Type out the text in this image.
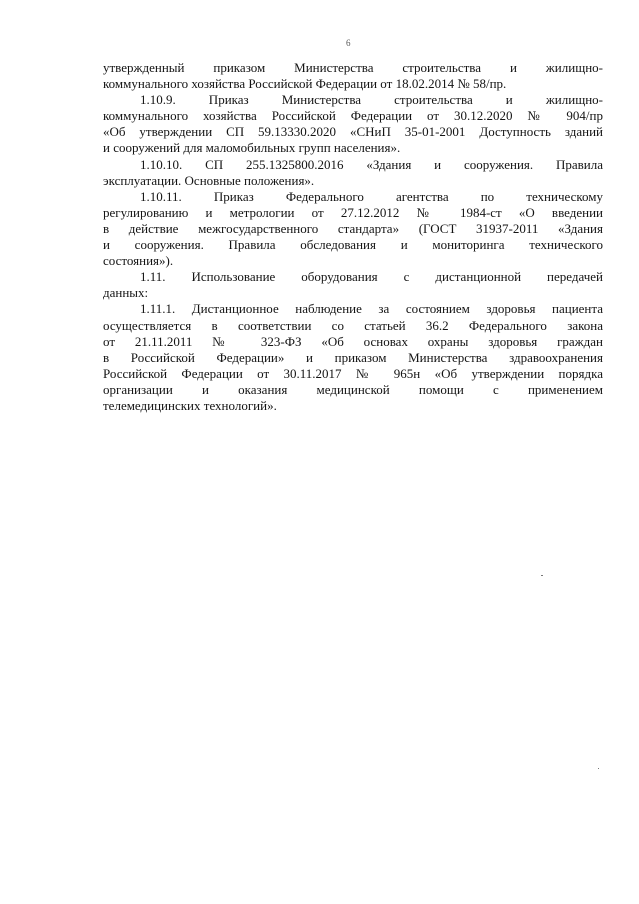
6

утвержденный приказом Министерства строительства и жилищно-
коммунального хозяйства Российской Федерации от 18.02.2014 № 58/пр.

1.10.9. Приказ Министерства строительства и жилищно-
коммунального хозяйства Российской Федерации от 30.12.2020 № 904/пр
«Об утверждении СП 59.13330.2020 «СНиП 35-01-2001 Доступность зданий
и сооружений для маломобильных групп населения».

1.10.10. СП 255.1325800.2016 «Здания и сооружения. Правила
эксплуатации. Основные положения».

1.10.11. Приказ Федерального агентства по техническому
регулированию и метрологии от 27.12.2012 № 1984-ст «О введении
в действие межгосударственного стандарта» (ГОСТ 31937-2011 «Здания
и сооружения. Правила обследования и мониторинга технического
состояния»).

1.11. Использование оборудования с дистанционной передачей
данных:

1.11.1. Дистанционное наблюдение за состоянием здоровья пациента
осуществляется в соответствии со статьей 36.2 Федерального закона
от 21.11.2011 № 323-ФЗ «Об основах охраны здоровья граждан
в Российской Федерации» и приказом Министерства здравоохранения
Российской Федерации от 30.11.2017 № 965н «Об утверждении порядка
организации и оказания медицинской помощи с применением
телемедицинских технологий».
